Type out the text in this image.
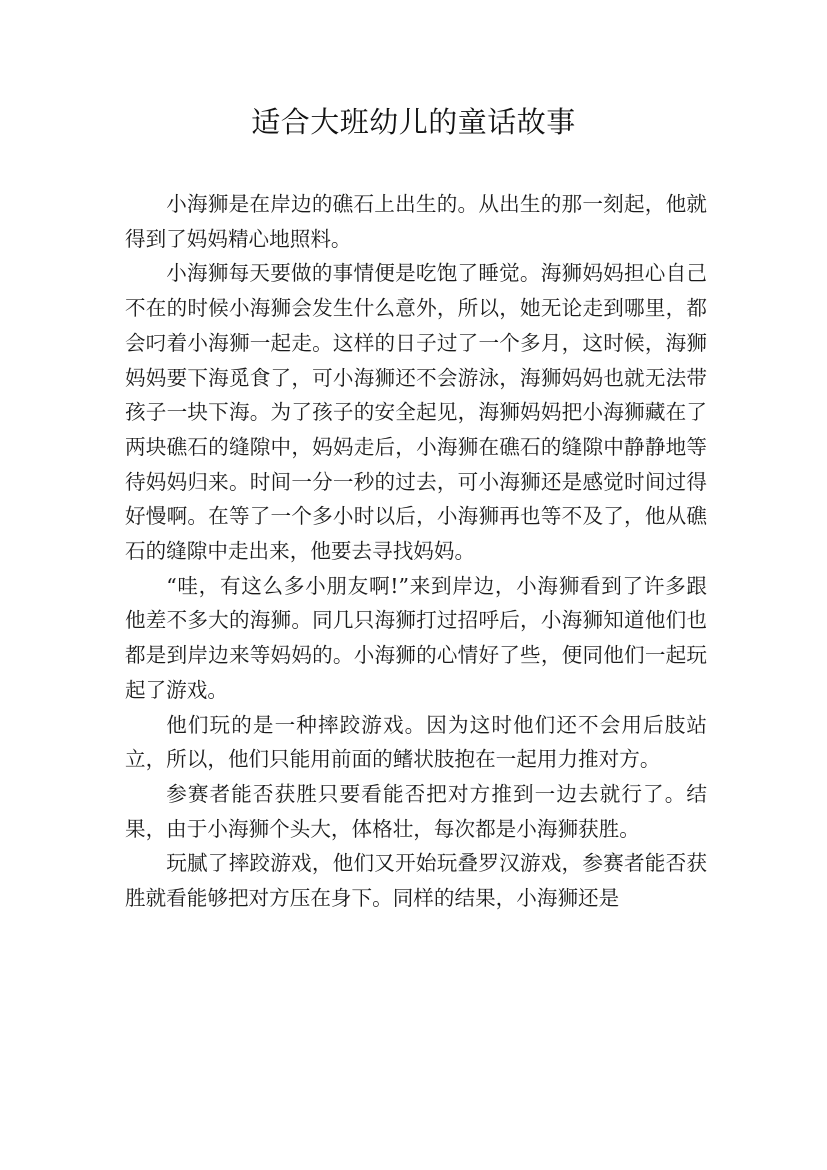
适合大班幼儿的童话故事

小海狮是在岸边的礁石上出生的。从出生的那一刻起，他就得到了妈妈精心地照料。

小海狮每天要做的事情便是吃饱了睡觉。海狮妈妈担心自己不在的时候小海狮会发生什么意外，所以，她无论走到哪里，都会叼着小海狮一起走。这样的日子过了一个多月，这时候，海狮妈妈要下海觅食了，可小海狮还不会游泳，海狮妈妈也就无法带孩子一块下海。为了孩子的安全起见，海狮妈妈把小海狮藏在了两块礁石的缝隙中，妈妈走后，小海狮在礁石的缝隙中静静地等待妈妈归来。时间一分一秒的过去，可小海狮还是感觉时间过得好慢啊。在等了一个多小时以后，小海狮再也等不及了，他从礁石的缝隙中走出来，他要去寻找妈妈。

“哇，有这么多小朋友啊!”来到岸边，小海狮看到了许多跟他差不多大的海狮。同几只海狮打过招呼后，小海狮知道他们也都是到岸边来等妈妈的。小海狮的心情好了些，便同他们一起玩起了游戏。

他们玩的是一种摔跤游戏。因为这时他们还不会用后肢站立，所以，他们只能用前面的鳍状肢抱在一起用力推对方。

参赛者能否获胜只要看能否把对方推到一边去就行了。结果，由于小海狮个头大，体格壮，每次都是小海狮获胜。

玩腻了摔跤游戏，他们又开始玩叠罗汉游戏，参赛者能否获胜就看能够把对方压在身下。同样的结果，小海狮还是
